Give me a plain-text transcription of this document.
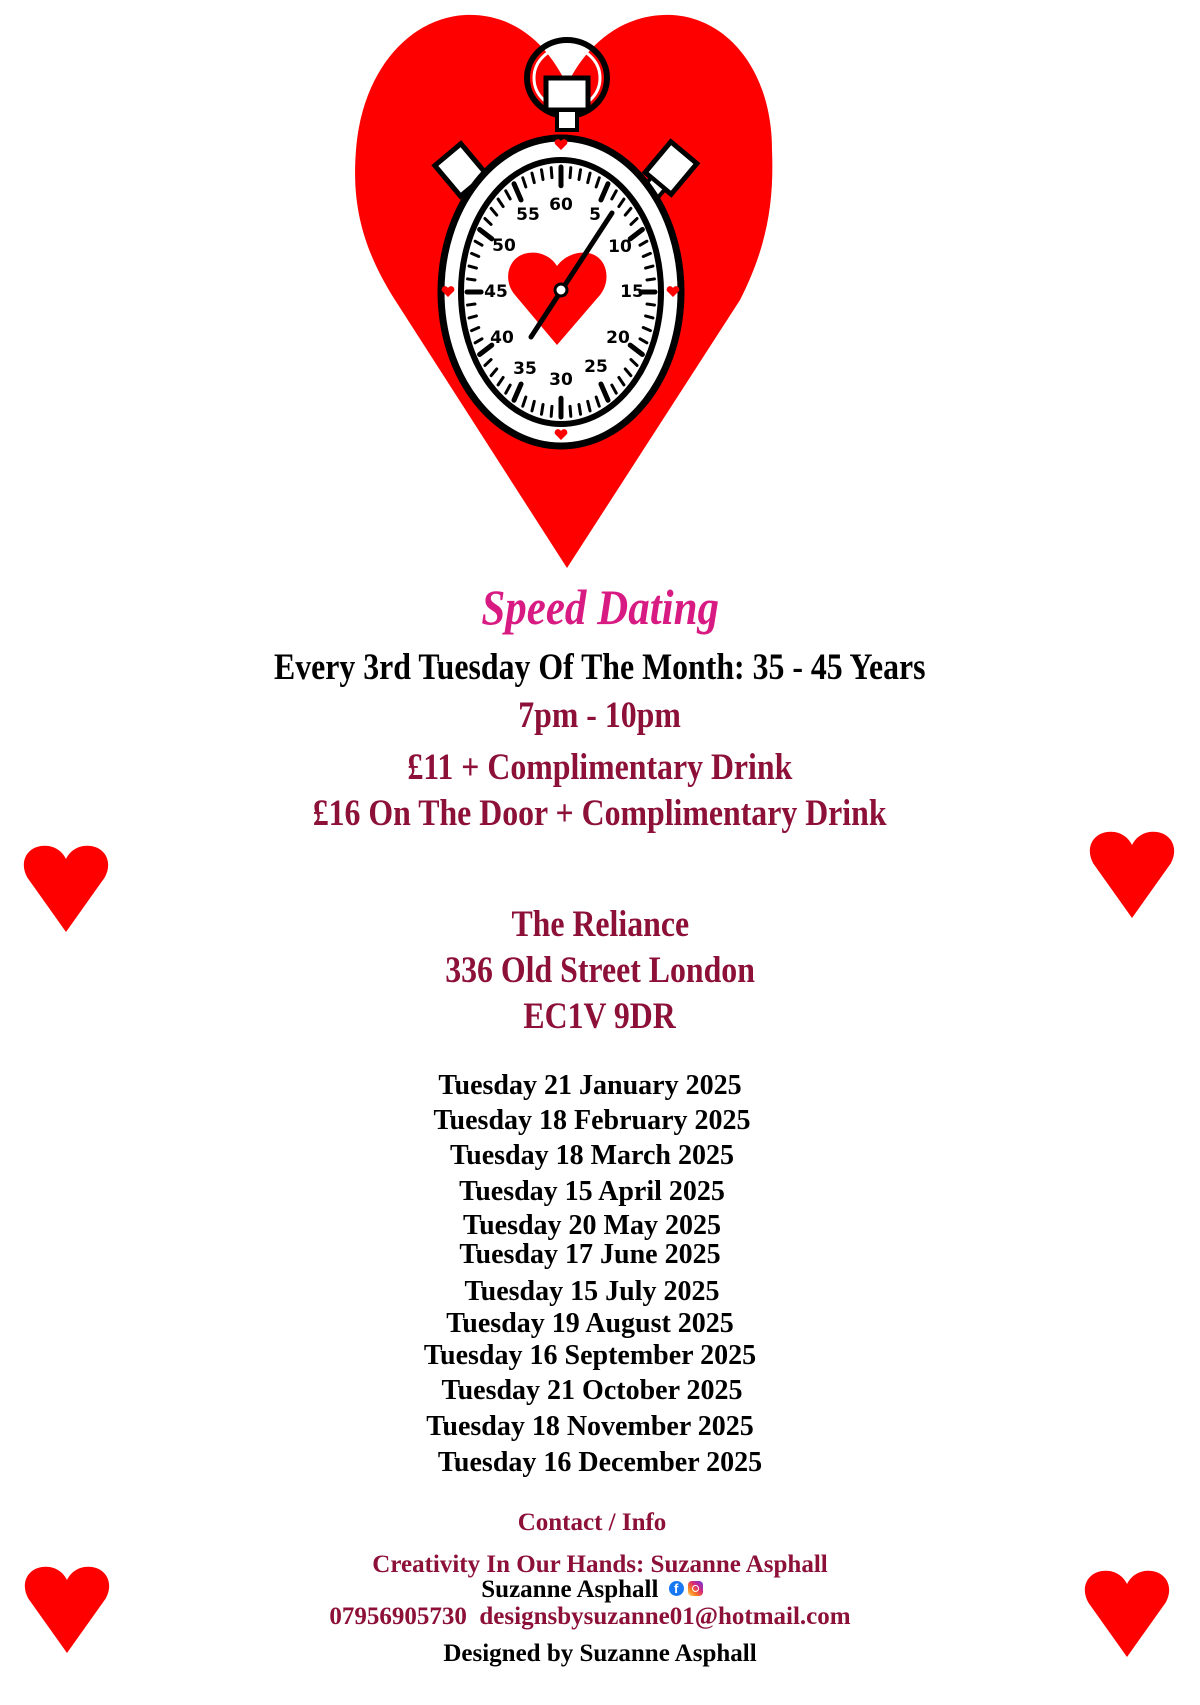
60 5
10
15
20
25
30
35
40
45
50
55
Speed Dating
Every 3rd Tuesday Of The Month: 35 - 45 Years
7pm - 10pm
£11 + Complimentary Drink
£16 On The Door + Complimentary Drink
The Reliance
336 Old Street London
EC1V 9DR
Tuesday 21 January 2025
Tuesday 18 February 2025
Tuesday 18 March 2025
Tuesday 15 April 2025
Tuesday 20 May 2025
Tuesday 17 June 2025
Tuesday 15 July 2025
Tuesday 19 August 2025
Tuesday 16 September 2025
Tuesday 21 October 2025
Tuesday 18 November 2025
Tuesday 16 December 2025
Contact / Info
Creativity In Our Hands: Suzanne Asphall
Suzanne Asphall f
07956905730 designsbysuzanne01@hotmail.com
Designed by Suzanne Asphall
